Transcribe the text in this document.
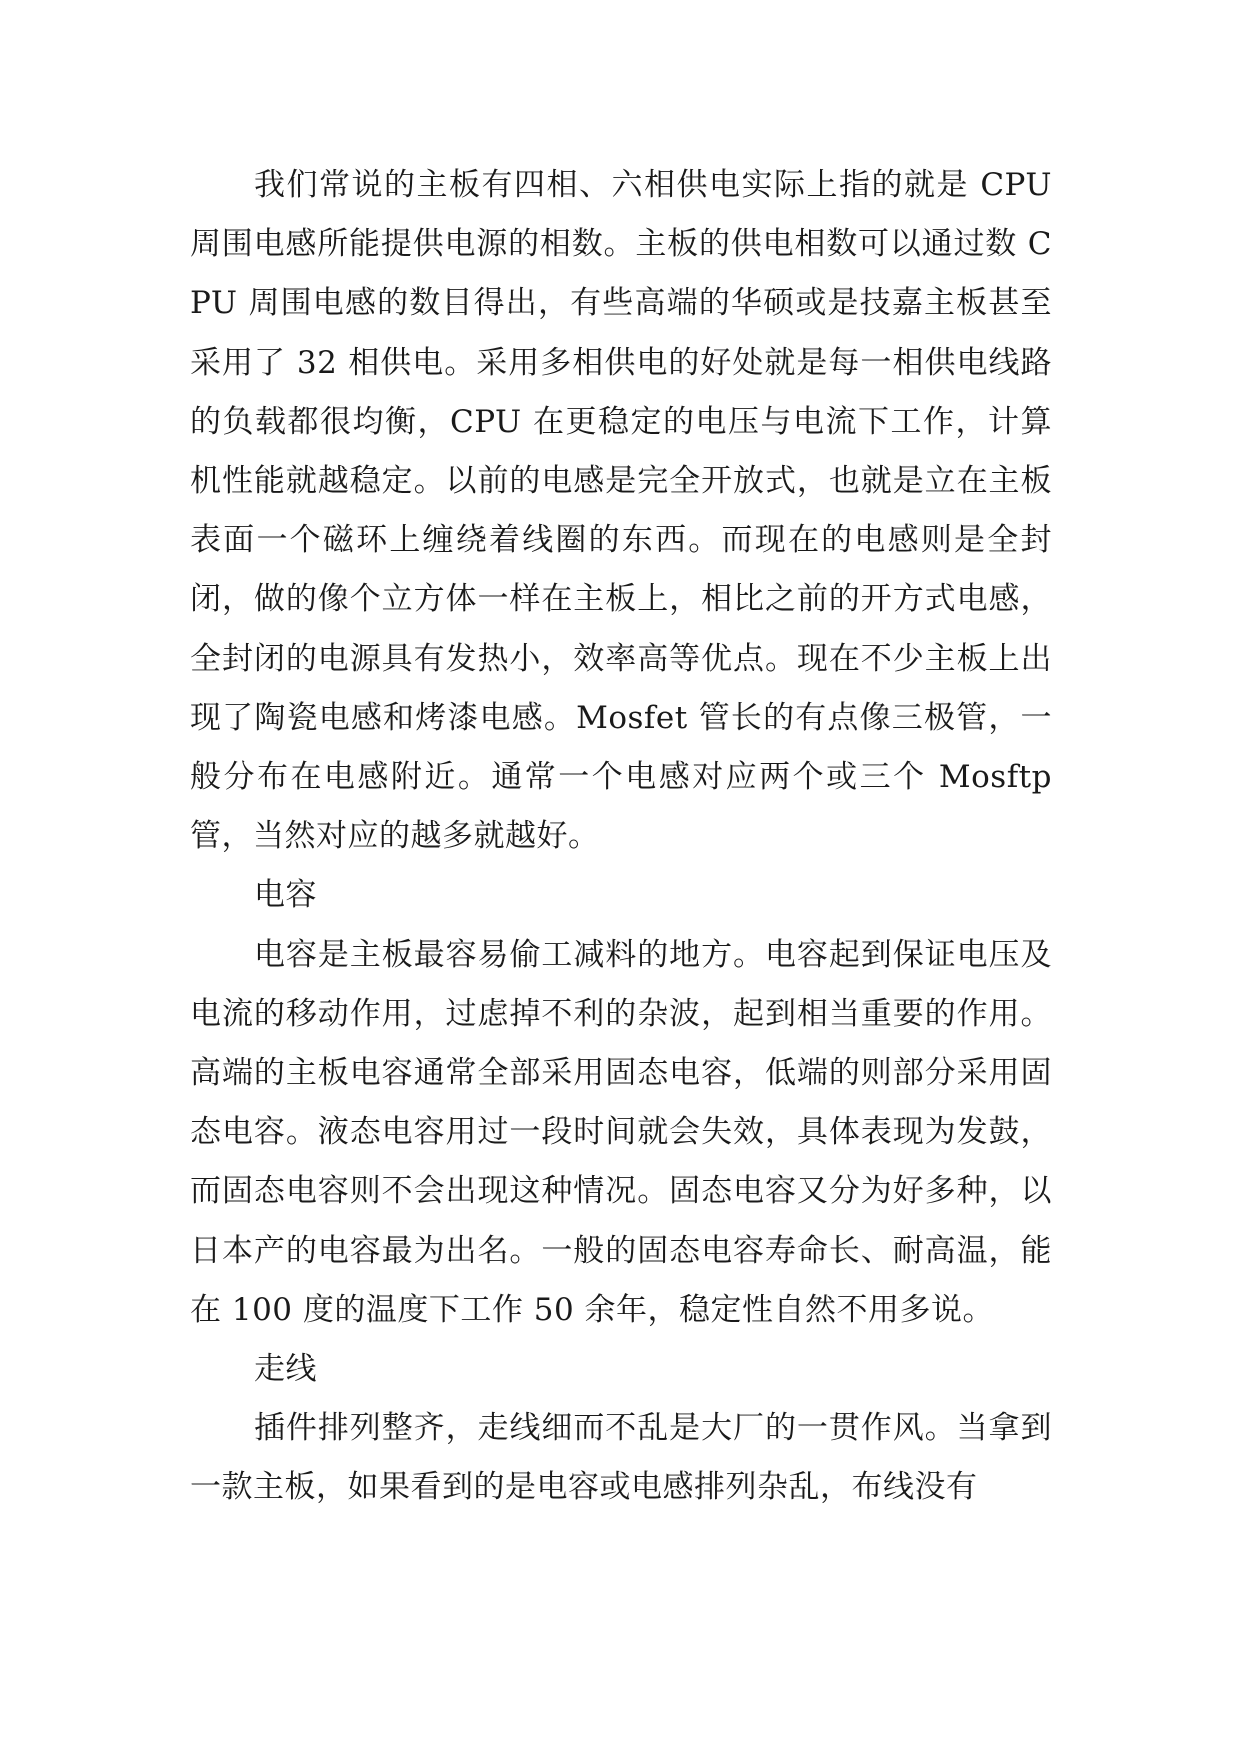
我们常说的主板有四相、六相供电实际上指的就是 CPU 周围电感所能提供电源的相数。主板的供电相数可以通过数 CPU 周围电感的数目得出，有些高端的华硕或是技嘉主板甚至采用了 32 相供电。采用多相供电的好处就是每一相供电线路的负载都很均衡，CPU 在更稳定的电压与电流下工作，计算机性能就越稳定。以前的电感是完全开放式，也就是立在主板表面一个磁环上缠绕着线圈的东西。而现在的电感则是全封闭，做的像个立方体一样在主板上，相比之前的开方式电感，全封闭的电源具有发热小，效率高等优点。现在不少主板上出现了陶瓷电感和烤漆电感。Mosfet 管长的有点像三极管，一般分布在电感附近。通常一个电感对应两个或三个 Mosftp 管，当然对应的越多就越好。

电容

电容是主板最容易偷工减料的地方。电容起到保证电压及电流的移动作用，过虑掉不利的杂波，起到相当重要的作用。高端的主板电容通常全部采用固态电容，低端的则部分采用固态电容。液态电容用过一段时间就会失效，具体表现为发鼓，而固态电容则不会出现这种情况。固态电容又分为好多种，以日本产的电容最为出名。一般的固态电容寿命长、耐高温，能在 100 度的温度下工作 50 余年，稳定性自然不用多说。

走线

插件排列整齐，走线细而不乱是大厂的一贯作风。当拿到一款主板，如果看到的是电容或电感排列杂乱，布线没有
